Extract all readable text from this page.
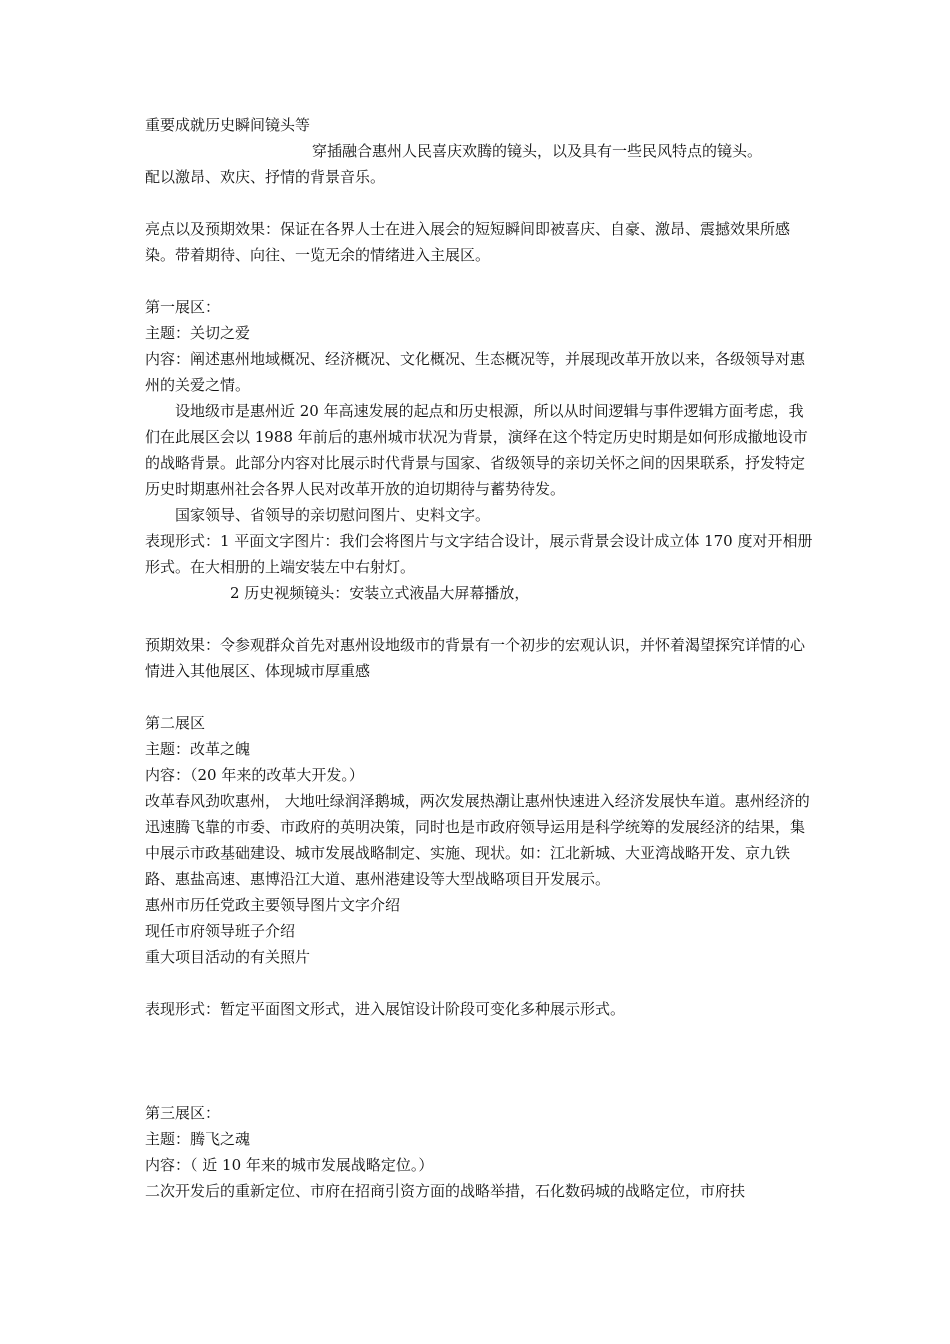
重要成就历史瞬间镜头等
穿插融合惠州人民喜庆欢腾的镜头，以及具有一些民风特点的镜头。
配以激昂、欢庆、抒情的背景音乐。
亮点以及预期效果：保证在各界人士在进入展会的短短瞬间即被喜庆、自豪、激昂、震撼效果所感染。带着期待、向往、一览无余的情绪进入主展区。
第一展区：
主题：关切之爱
内容：阐述惠州地域概况、经济概况、文化概况、生态概况等，并展现改革开放以来，各级领导对惠州的关爱之情。
设地级市是惠州近 20 年高速发展的起点和历史根源，所以从时间逻辑与事件逻辑方面考虑，我们在此展区会以 1988 年前后的惠州城市状况为背景，演绎在这个特定历史时期是如何形成撤地设市的战略背景。此部分内容对比展示时代背景与国家、省级领导的亲切关怀之间的因果联系，抒发特定历史时期惠州社会各界人民对改革开放的迫切期待与蓄势待发。
国家领导、省领导的亲切慰问图片、史料文字。
表现形式：1 平面文字图片：我们会将图片与文字结合设计，展示背景会设计成立体 170 度对开相册形式。在大相册的上端安装左中右射灯。
2 历史视频镜头：安装立式液晶大屏幕播放，
预期效果：令参观群众首先对惠州设地级市的背景有一个初步的宏观认识，并怀着渴望探究详情的心情进入其他展区、体现城市厚重感
第二展区
主题：改革之魄
内容：（20 年来的改革大开发。）
改革春风劲吹惠州， 大地吐绿润泽鹅城，两次发展热潮让惠州快速进入经济发展快车道。惠州经济的迅速腾飞靠的市委、市政府的英明决策，同时也是市政府领导运用是科学统筹的发展经济的结果，集中展示市政基础建设、城市发展战略制定、实施、现状。如：江北新城、大亚湾战略开发、京九铁路、惠盐高速、惠博沿江大道、惠州港建设等大型战略项目开发展示。
惠州市历任党政主要领导图片文字介绍
现任市府领导班子介绍
重大项目活动的有关照片
表现形式：暂定平面图文形式，进入展馆设计阶段可变化多种展示形式。
第三展区：
主题：腾飞之魂
内容：（ 近 10 年来的城市发展战略定位。）
二次开发后的重新定位、市府在招商引资方面的战略举措，石化数码城的战略定位，市府扶
